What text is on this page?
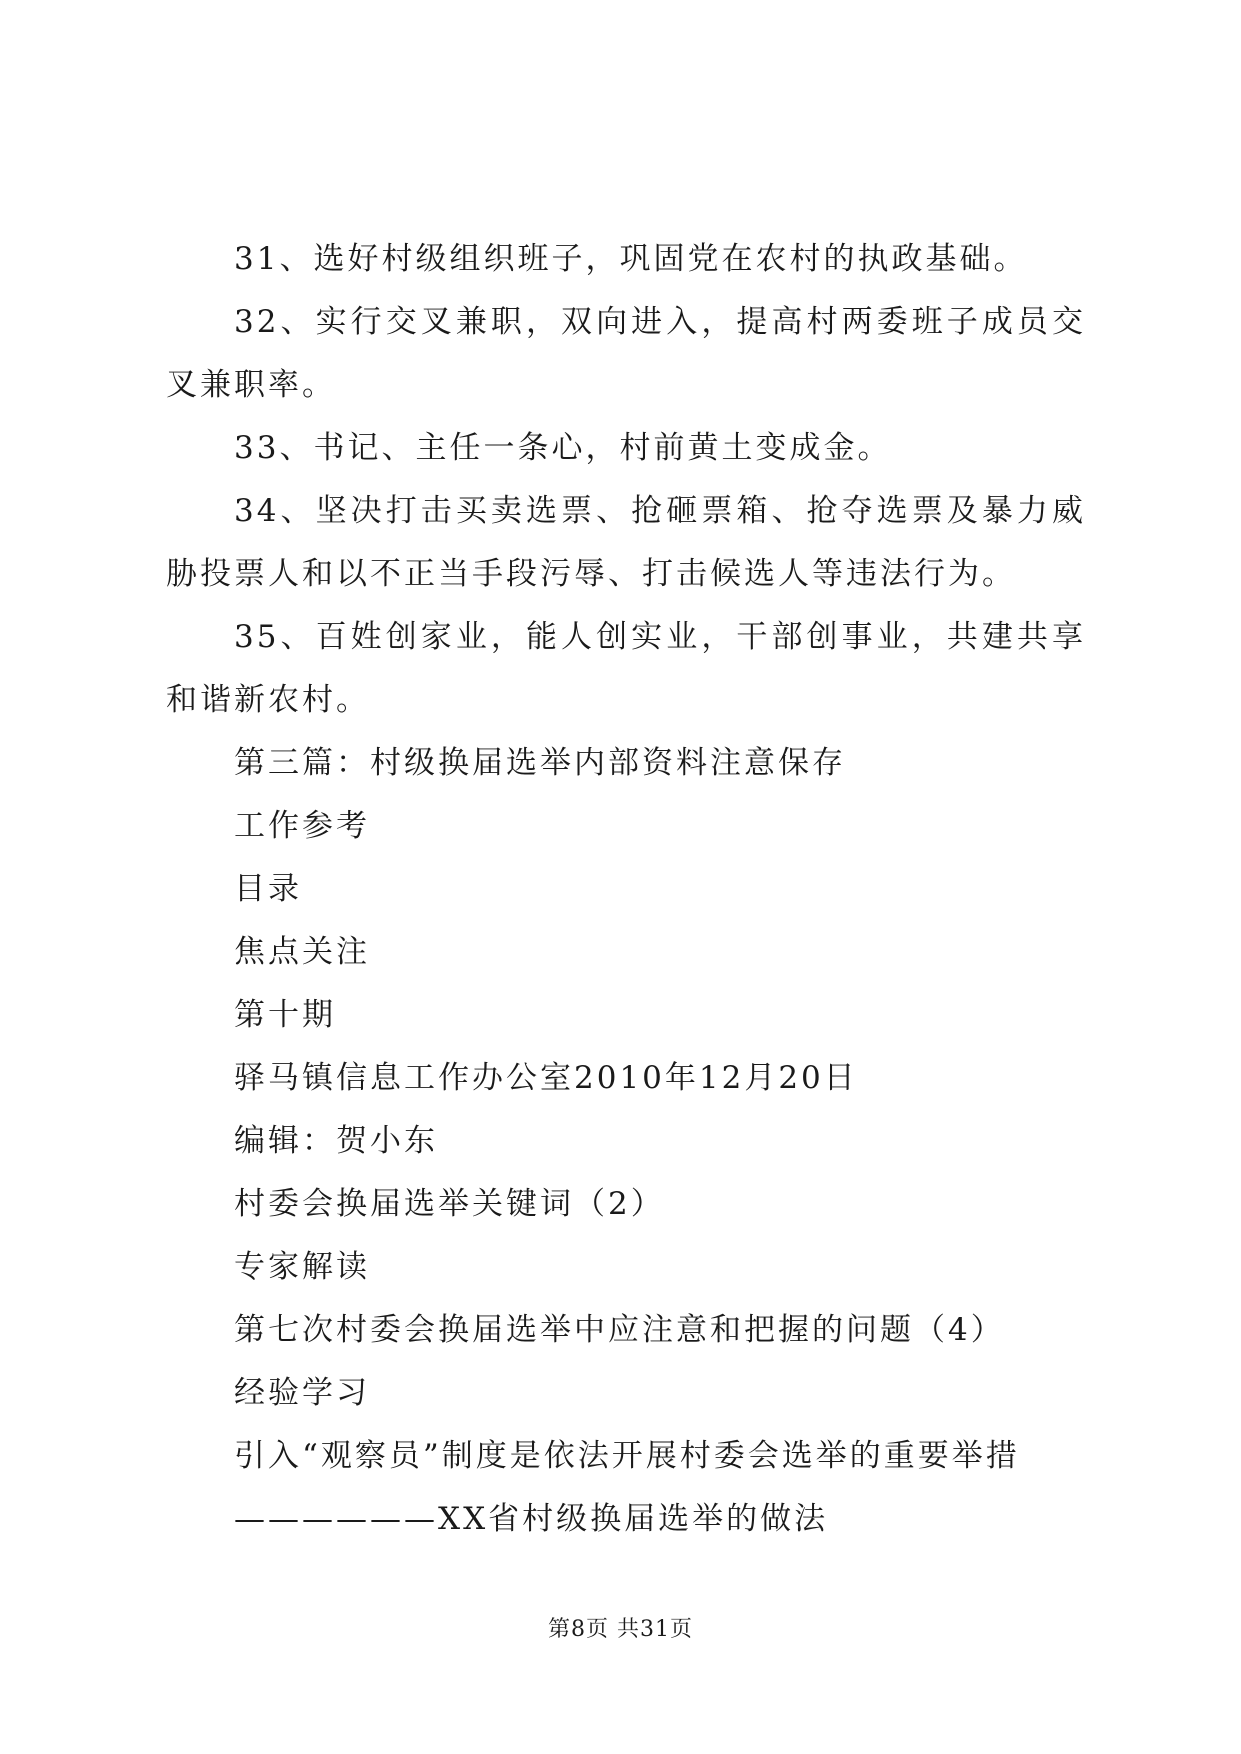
31、选好村级组织班子，巩固党在农村的执政基础。

32、实行交叉兼职，双向进入，提高村两委班子成员交叉兼职率。

33、书记、主任一条心，村前黄土变成金。

34、坚决打击买卖选票、抢砸票箱、抢夺选票及暴力威胁投票人和以不正当手段污辱、打击候选人等违法行为。

35、百姓创家业，能人创实业，干部创事业，共建共享和谐新农村。

第三篇：村级换届选举内部资料注意保存

工作参考

目录

焦点关注

第十期

驿马镇信息工作办公室2010年12月20日

编辑：贺小东

村委会换届选举关键词（2）

专家解读

第七次村委会换届选举中应注意和把握的问题（4）

经验学习

引入“观察员”制度是依法开展村委会选举的重要举措

——————XX省村级换届选举的做法

第8页 共31页
